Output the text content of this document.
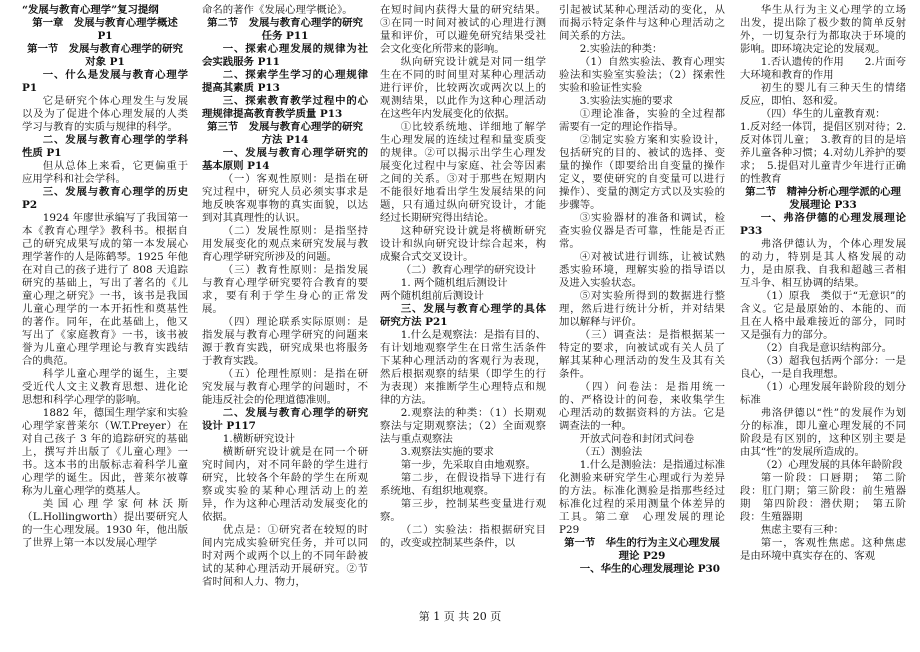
“发展与教育心理学”复习提纲

第一章　发展与教育心理学概述　　　　P1

第一节　发展与教育心理学的研究对象 P1

一、什么是发展与教育心理学 P1

它是研究个体心理发生与发展以及为了促进个体心理发展的人类学习与教育的实质与规律的科学。

二、发展与教育心理学的学科性质 P1

但从总体上来看，它更偏重于应用学科和社会学科。

三、发展与教育心理学的历史 P2

1924 年廖世承编写了我国第一本《教育心理学》教科书。根据自己的研究成果写成的第一本发展心理学著作的人是陈鹤琴。1925 年他在对自己的孩子进行了 808 天追踪研究的基础上，写出了著名的《儿童心理之研究》一书，该书是我国儿童心理学的一本开拓性和奠基性的著作。同年，在此基础上，他又写出了《家庭教育》一书，该书被誉为儿童心理学理论与教育实践结合的典范。

科学儿童心理学的诞生，主要受近代人文主义教育思想、进化论思想和科学心理学的影响。

1882 年，德国生理学家和实验心理学家普莱尔（W.T.Preyer）在对自己孩子 3 年的追踪研究的基础上，撰写并出版了《儿童心理》一书。这本书的出版标志着科学儿童心理学的诞生。因此，普莱尔被尊称为儿童心理学的奠基人。

美国心理学家何林沃斯（L.Hollingworth）提出要研究人的一生心理发展。1930 年，他出版了世界上第一本以发展心理学

命名的著作《发展心理学概论》。

第二节　发展与教育心理学的研究任务 P11

一、探索心理发展的规律为社会实践服务 P11

二、探索学生学习的心理规律提高其素质 P13

三、探索教育教学过程中的心理规律提高教育教学质量 P13

第三节　发展与教育心理学的研究方法 P14

一、发展与教育心理学研究的基本原则 P14

（一）客观性原则：是指在研究过程中，研究人员必须实事求是地反映客观事物的真实面貌，以达到对其真理性的认识。

（二）发展性原则：是指坚持用发展变化的观点来研究发展与教育心理学研究所涉及的问题。

（三）教育性原则：是指发展与教育心理学研究要符合教育的要求，要有利于学生身心的正常发展。

（四）理论联系实际原则：是指发展与教育心理学研究的问题来源于教育实践，研究成果也将服务于教育实践。

（五）伦理性原则：是指在研究发展与教育心理学的问题时，不能违反社会的伦理道德准则。

二、发展与教育心理学的研究设计 P117

1.横断研究设计

横断研究设计就是在同一个研究时间内，对不同年龄的学生进行研究，比较各个年龄的学生在所观察或实验的某种心理活动上的差异，作为这种心理活动发展变化的依据。

优点是：①研究者在较短的时间内完成实验研究任务，并可以同时对两个或两个以上的不同年龄被试的某种心理活动开展研究。②节省时间和人力、物力，

在短时间内获得大量的研究结果。③在同一时间对被试的心理进行测量和评价，可以避免研究结果受社会文化变化所带来的影响。

纵向研究设计就是对同一组学生在不同的时间里对某种心理活动进行评价，比较两次或两次以上的观测结果，以此作为这种心理活动在这些年内发展变化的依据。

①比较系统地、详细地了解学生心理发展的连续过程和量变质变的规律。②可以揭示出学生心理发展变化过程中与家庭、社会等因素之间的关系。③对于那些在短期内不能很好地看出学生发展结果的问题，只有通过纵向研究设计，才能经过长期研究得出结论。

这种研究设计就是将横断研究设计和纵向研究设计综合起来，构成聚合式交叉设计。

（二）教育心理学的研究设计

1. 两个随机组后测设计

两个随机组前后测设计

三、发展与教育心理学的具体研究方法 P21

1.什么是观察法：是指有目的、有计划地观察学生在日常生活条件下某种心理活动的客观行为表现，然后根据观察的结果（即学生的行为表现）来推断学生心理特点和规律的方法。

2.观察法的种类：（1）长期观察法与定期观察法；（2）全面观察法与重点观察法

3.观察法实施的要求

第一步，先采取自由地观察。

第二步，在假设指导下进行有系统地、有组织地观察。

第三步，控制某些变量进行观察。

（二）实验法：指根据研究目的，改变或控制某些条件，以

引起被试某种心理活动的变化，从而揭示特定条件与这种心理活动之间关系的方法。

2.实验法的种类：

（1）自然实验法、教育心理实验法和实验室实验法；（2）探索性实验和验证性实验

3.实验法实施的要求

①理论准备，实验的全过程都需要有一定的理论作指导。

②制定实验方案和实验设计，包括研究的目的、被试的选择、变量的操作（即要给出自变量的操作定义，要使研究的自变量可以进行操作）、变量的测定方式以及实验的步骤等。

③实验器材的准备和调试，检查实验仪器是否可靠，性能是否正常。

④对被试进行训练，让被试熟悉实验环境，理解实验的指导语以及进入实验状态。

⑤对实验所得到的数据进行整理，然后进行统计分析，并对结果加以解释与评价。

（三）调查法：是指根据某一特定的要求，向被试或有关人员了解其某种心理活动的发生及其有关条件。

（四）问卷法：是指用统一的、严格设计的问卷，来收集学生心理活动的数据资料的方法。它是调查法的一种。

开放式问卷和封闭式问卷

（五）测验法

1.什么是测验法：是指通过标准化测验来研究学生心理或行为差异的方法。标准化测验是指那些经过标准化过程的采用测量个体差异的工具。第二章　心理发展的理论 P29

第一节　华生的行为主义心理发展理论 P29

一、华生的心理发展理论 P30

华生从行为主义心理学的立场出发，提出除了极少数的简单反射外，一切复杂行为都取决于环境的影响。即环境决定论的发展观。

1.否认遗传的作用　　2.片面夸大环境和教育的作用

初生的婴儿有三种天生的情绪反应，即怕、怒和爱。

（四）华生的儿童教育观：

1.反对经一体罚，提倡区别对待；2.反对体罚儿童；　3.教育的目的是培养儿童各种习惯；4.对幼儿养护的要求；　5.提倡对儿童青少年进行正确的性教育

第二节　精神分析心理学派的心理发展理论 P33

一、弗洛伊德的心理发展理论 P33

弗洛伊德认为，个体心理发展的动力，特别是其人格发展的动力，是由原我、自我和超越三者相互斗争、相互协调的结果。

（1）原我　类似于“无意识”的含义。它是最原始的、本能的、而且在人格中最难接近的部分，同时又是强有力的部分。

（2）自我是意识结构部分。

（3）超我包括两个部分：一是良心，一是自我理想。

（1）心理发展年龄阶段的划分标准

弗洛伊德以“性”的发展作为划分的标准，即儿童心理发展的不同阶段是有区别的，这种区别主要是由其“性”的发展所造成的。

（2）心理发展的具体年龄阶段

第一阶段：口唇期；　第二阶段：肛门期；第三阶段：前生殖器期　第四阶段：潜伏期；　第五阶段：生殖器期

焦虑主要有三种：

第一，客观性焦虑。这种焦虑是由环境中真实存在的、客观

第 1 页 共 20 页
